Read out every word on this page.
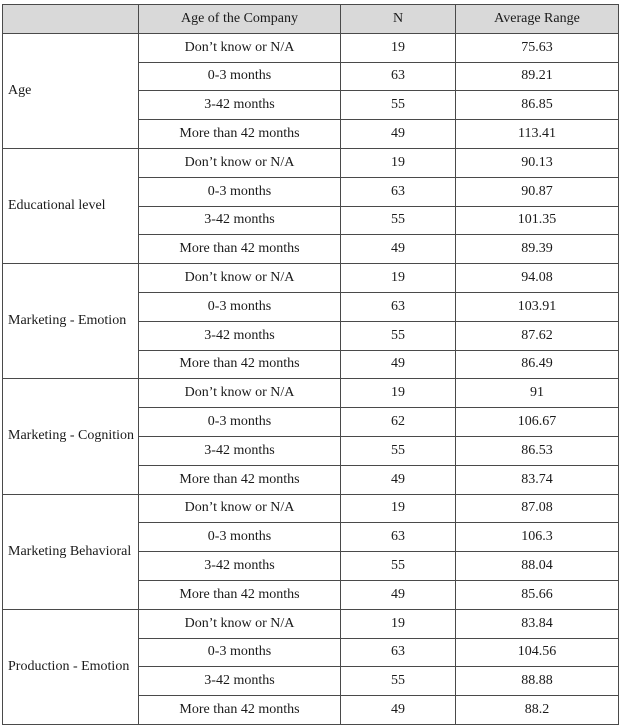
	Age of the Company	N	Average Range
Age	Don’t know or N/A	19	75.63
	0-3 months	63	89.21
	3-42 months	55	86.85
	More than 42 months	49	113.41
Educational level	Don’t know or N/A	19	90.13
	0-3 months	63	90.87
	3-42 months	55	101.35
	More than 42 months	49	89.39
Marketing - Emotion	Don’t know or N/A	19	94.08
	0-3 months	63	103.91
	3-42 months	55	87.62
	More than 42 months	49	86.49
Marketing - Cognition	Don’t know or N/A	19	91
	0-3 months	62	106.67
	3-42 months	55	86.53
	More than 42 months	49	83.74
Marketing Behavioral	Don’t know or N/A	19	87.08
	0-3 months	63	106.3
	3-42 months	55	88.04
	More than 42 months	49	85.66
Production - Emotion	Don’t know or N/A	19	83.84
	0-3 months	63	104.56
	3-42 months	55	88.88
	More than 42 months	49	88.2
